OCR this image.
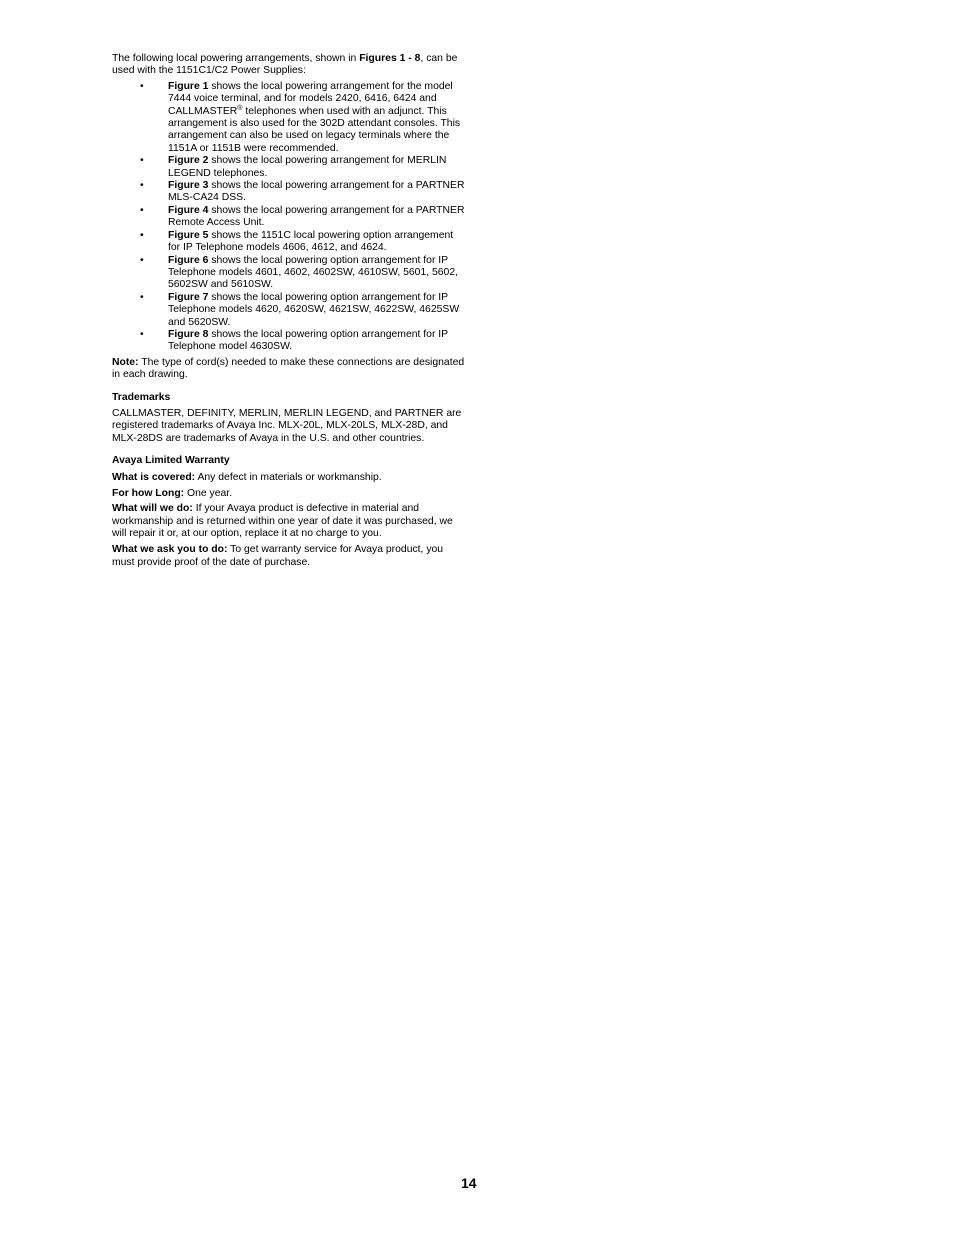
The following local powering arrangements, shown in Figures 1 - 8, can be used with the 1151C1/C2 Power Supplies:

• Figure 1 shows the local powering arrangement for the model 7444 voice terminal, and for models 2420, 6416, 6424 and CALLMASTER® telephones when used with an adjunct. This arrangement is also used for the 302D attendant consoles. This arrangement can also be used on legacy terminals where the 1151A or 1151B were recommended.
• Figure 2 shows the local powering arrangement for MERLIN LEGEND telephones.
• Figure 3 shows the local powering arrangement for a PARTNER MLS-CA24 DSS.
• Figure 4 shows the local powering arrangement for a PARTNER Remote Access Unit.
• Figure 5 shows the 1151C local powering option arrangement for IP Telephone models 4606, 4612, and 4624.
• Figure 6 shows the local powering option arrangement for IP Telephone models 4601, 4602, 4602SW, 4610SW, 5601, 5602, 5602SW and 5610SW.
• Figure 7 shows the local powering option arrangement for IP Telephone models 4620, 4620SW, 4621SW, 4622SW, 4625SW and 5620SW.
• Figure 8 shows the local powering option arrangement for IP Telephone model 4630SW.

Note: The type of cord(s) needed to make these connections are designated in each drawing.

Trademarks

CALLMASTER, DEFINITY, MERLIN, MERLIN LEGEND, and PARTNER are registered trademarks of Avaya Inc. MLX-20L, MLX-20LS, MLX-28D, and MLX-28DS are trademarks of Avaya in the U.S. and other countries.

Avaya Limited Warranty

What is covered: Any defect in materials or workmanship.

For how Long: One year.

What will we do: If your Avaya product is defective in material and workmanship and is returned within one year of date it was purchased, we will repair it or, at our option, replace it at no charge to you.

What we ask you to do: To get warranty service for Avaya product, you must provide proof of the date of purchase.

14
